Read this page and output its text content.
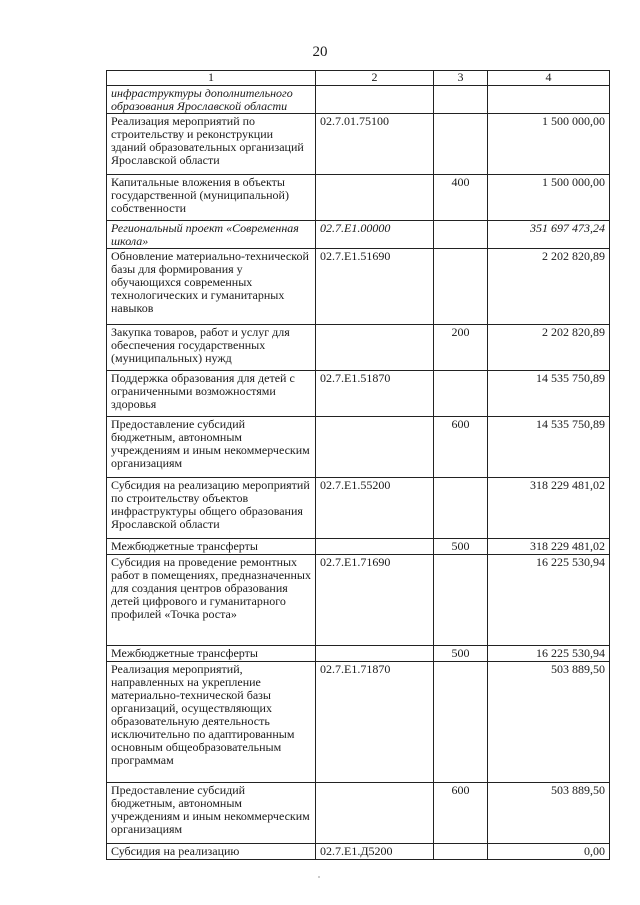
20
1	2	3	4
инфраструктуры дополнительного образования Ярославской области			
Реализация мероприятий по строительству и реконструкции зданий образовательных организаций Ярославской области	02.7.01.75100		1 500 000,00
Капитальные вложения в объекты государственной (муниципальной) собственности		400	1 500 000,00
Региональный проект «Современная школа»	02.7.E1.00000		351 697 473,24
Обновление материально-технической базы для формирования у обучающихся современных технологических и гуманитарных навыков	02.7.E1.51690		2 202 820,89
Закупка товаров, работ и услуг для обеспечения государственных (муниципальных) нужд		200	2 202 820,89
Поддержка образования для детей с ограниченными возможностями здоровья	02.7.E1.51870		14 535 750,89
Предоставление субсидий бюджетным, автономным учреждениям и иным некоммерческим организациям		600	14 535 750,89
Субсидия на реализацию мероприятий по строительству объектов инфраструктуры общего образования Ярославской области	02.7.E1.55200		318 229 481,02
Межбюджетные трансферты		500	318 229 481,02
Субсидия на проведение ремонтных работ в помещениях, предназначенных для создания центров образования детей цифрового и гуманитарного профилей «Точка роста»	02.7.E1.71690		16 225 530,94
Межбюджетные трансферты		500	16 225 530,94
Реализация мероприятий, направленных на укрепление материально-технической базы организаций, осуществляющих образовательную деятельность исключительно по адаптированным основным общеобразовательным программам	02.7.E1.71870		503 889,50
Предоставление субсидий бюджетным, автономным учреждениям и иным некоммерческим организациям		600	503 889,50
Субсидия на реализацию	02.7.E1.Д5200		0,00
